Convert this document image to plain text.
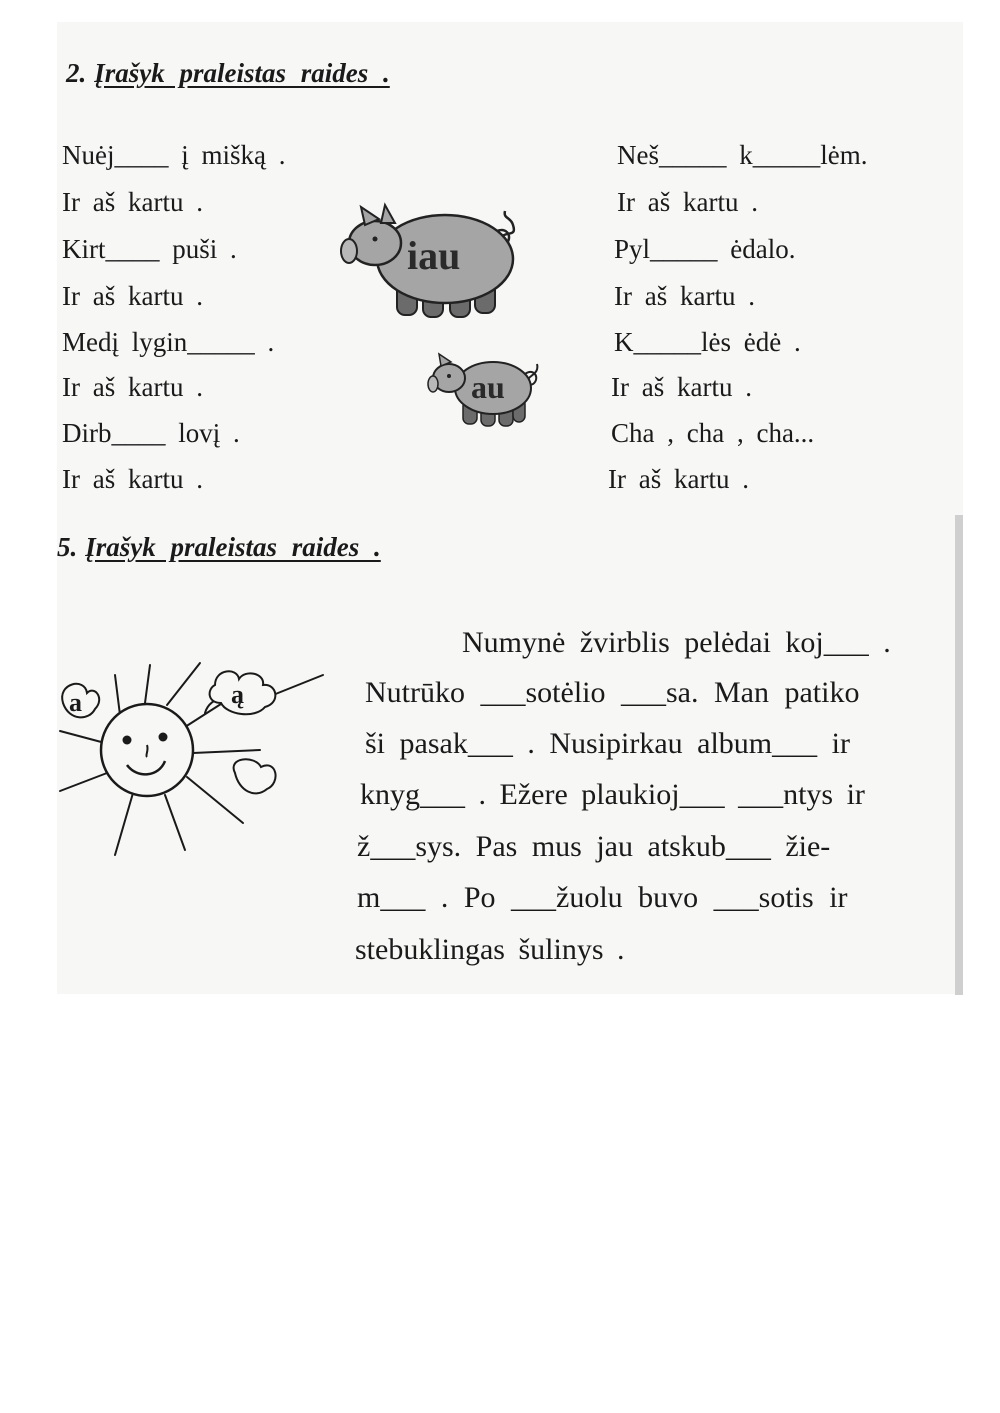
2. Įrašyk praleistas raides .
Nuėj____ į mišką .
Ir aš kartu .
Kirt____ puši .
Ir aš kartu .
Medį lygin_____ .
Ir aš kartu .
Dirb____ lovį .
Ir aš kartu .
Neš_____ k_____lėm.
Ir aš kartu .
Pyl_____ ėdalo.
Ir aš kartu .
K_____lės ėdė .
Ir aš kartu .
Cha , cha , cha...
Ir aš kartu .
iau
au
5. Įrašyk praleistas raides .
a	ą
Numynė žvirblis pelėdai koj___ .
Nutrūko ___sotėlio ___sa. Man patiko
ši pasak___ . Nusipirkau album___ ir
knyg___ . Ežere plaukioj___ ___ntys ir
ž___sys. Pas mus jau atskub___ žie-
m___ . Po ___žuolu buvo ___sotis ir
stebuklingas šulinys .
